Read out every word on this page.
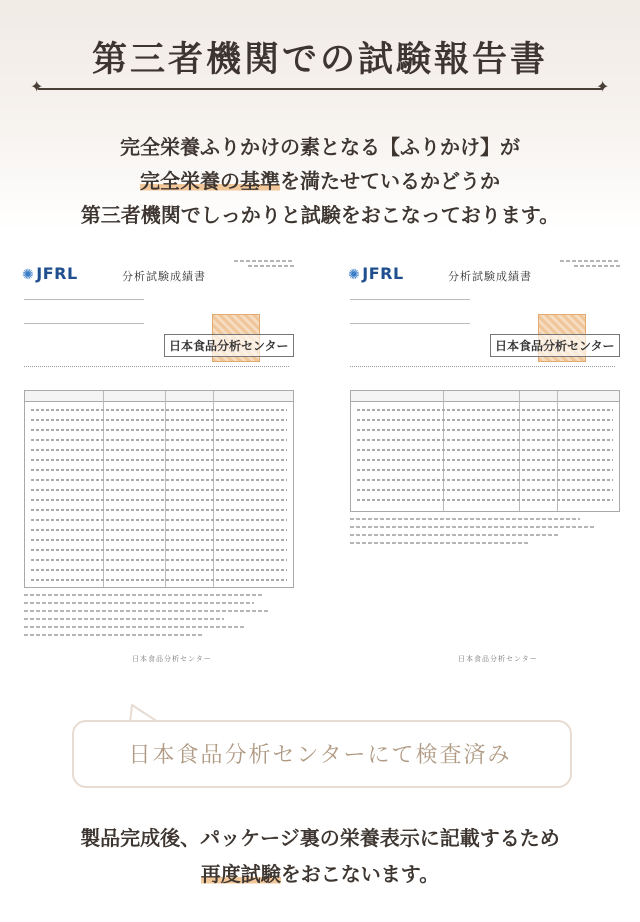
第三者機関での試験報告書
✦	✦
完全栄養ふりかけの素となる【ふりかけ】が
完全栄養の基準を満たせているかどうか
第三者機関でしっかりと試験をおこなっております。
✺ JFRL	分析試験成績書

日本食品分析センター
日本食品分析センター
✺ JFRL	分析試験成績書

日本食品分析センター
日本食品分析センター
日本食品分析センターにて検査済み
製品完成後、パッケージ裏の栄養表示に記載するため
再度試験をおこないます。
